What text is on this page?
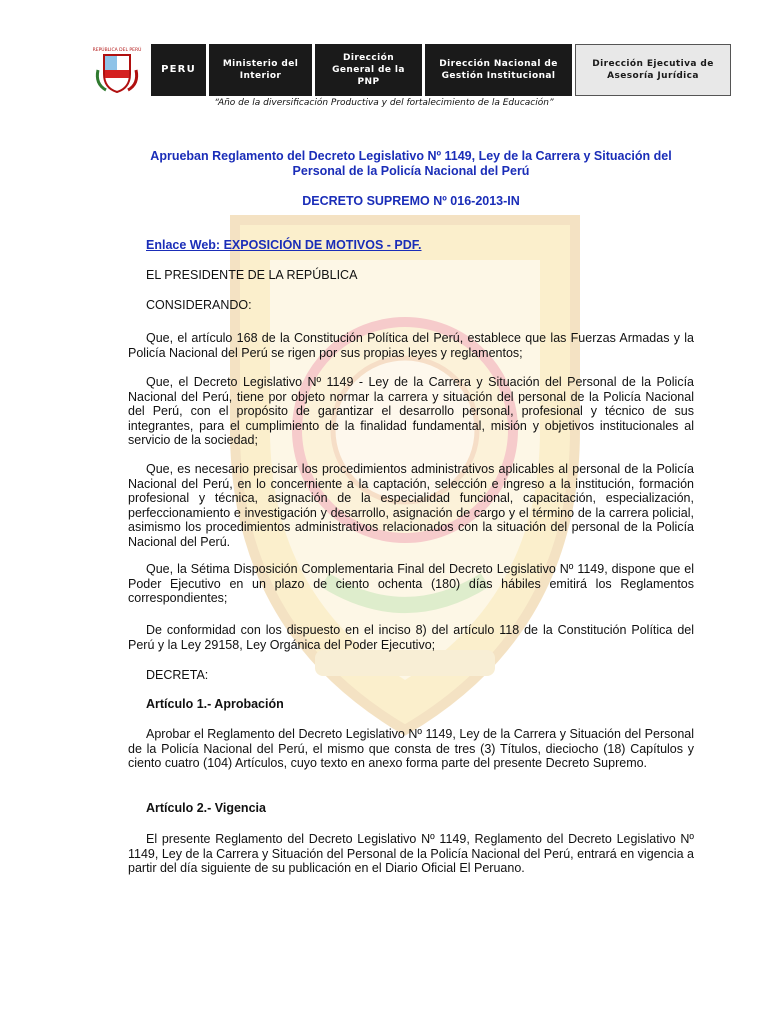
REPÚBLICA DEL PERÚ
PERU
Ministerio del Interior
Dirección General de la PNP
Dirección Nacional de Gestión Institucional
Dirección Ejecutiva de Asesoría Jurídica
“Año de la diversificación Productiva y del fortalecimiento de la Educación”
Aprueban Reglamento del Decreto Legislativo Nº 1149, Ley de la Carrera y Situación del Personal de la Policía Nacional del Perú
DECRETO SUPREMO Nº 016-2013-IN
Enlace Web: EXPOSICIÓN DE MOTIVOS - PDF.
EL PRESIDENTE DE LA REPÚBLICA
CONSIDERANDO:

Que, el artículo 168 de la Constitución Política del Perú, establece que las Fuerzas Armadas y la Policía Nacional del Perú se rigen por sus propias leyes y reglamentos;

Que, el Decreto Legislativo Nº 1149 - Ley de la Carrera y Situación del Personal de la Policía Nacional del Perú, tiene por objeto normar la carrera y situación del personal de la Policía Nacional del Perú, con el propósito de garantizar el desarrollo personal, profesional y técnico de sus integrantes, para el cumplimiento de la finalidad fundamental, misión y objetivos institucionales al servicio de la sociedad;

Que, es necesario precisar los procedimientos administrativos aplicables al personal de la Policía Nacional del Perú, en lo concerniente a la captación, selección e ingreso a la institución, formación profesional y técnica, asignación de la especialidad funcional, capacitación, especialización, perfeccionamiento e investigación y desarrollo, asignación de cargo y el término de la carrera policial, asimismo los procedimientos administrativos relacionados con la situación del personal de la Policía Nacional del Perú.

Que, la Sétima Disposición Complementaria Final del Decreto Legislativo Nº 1149, dispone que el Poder Ejecutivo en un plazo de ciento ochenta (180) días hábiles emitirá los Reglamentos correspondientes;

De conformidad con los dispuesto en el inciso 8) del artículo 118 de la Constitución Política del Perú y la Ley 29158, Ley Orgánica del Poder Ejecutivo;

DECRETA:
Artículo 1.- Aprobación

Aprobar el Reglamento del Decreto Legislativo Nº 1149, Ley de la Carrera y Situación del Personal de la Policía Nacional del Perú, el mismo que consta de tres (3) Títulos, dieciocho (18) Capítulos y ciento cuatro (104) Artículos, cuyo texto en anexo forma parte del presente Decreto Supremo.

Artículo 2.- Vigencia

El presente Reglamento del Decreto Legislativo Nº 1149, Reglamento del Decreto Legislativo Nº 1149, Ley de la Carrera y Situación del Personal de la Policía Nacional del Perú, entrará en vigencia a partir del día siguiente de su publicación en el Diario Oficial El Peruano.
